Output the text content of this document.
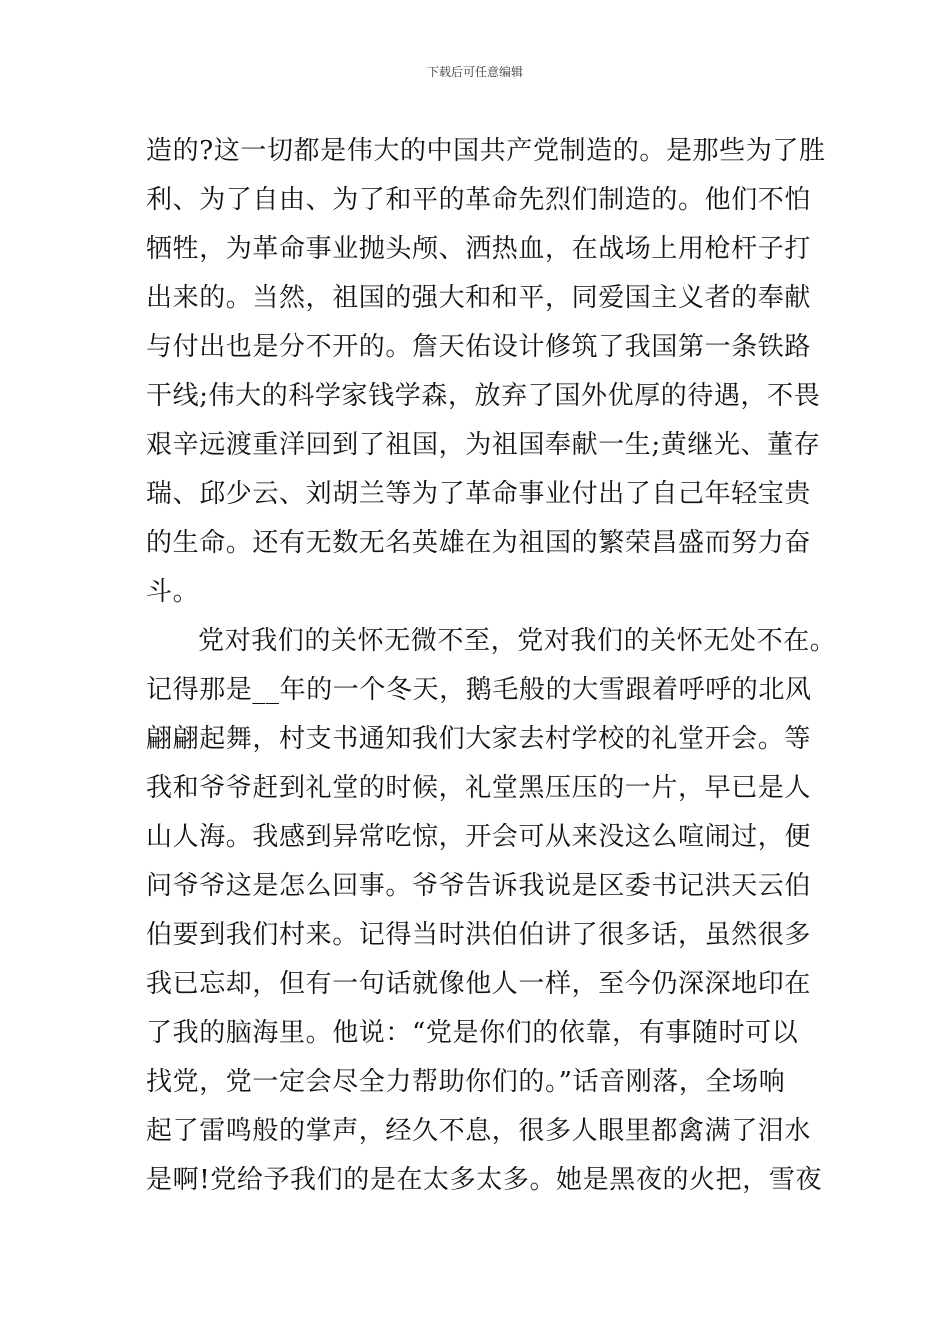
下载后可任意编辑
造的?这一切都是伟大的中国共产党制造的。是那些为了胜
利、为了自由、为了和平的革命先烈们制造的。他们不怕
牺牲，为革命事业抛头颅、洒热血，在战场上用枪杆子打
出来的。当然，祖国的强大和和平，同爱国主义者的奉献
与付出也是分不开的。詹天佑设计修筑了我国第一条铁路
干线;伟大的科学家钱学森，放弃了国外优厚的待遇，不畏
艰辛远渡重洋回到了祖国，为祖国奉献一生;黄继光、董存
瑞、邱少云、刘胡兰等为了革命事业付出了自己年轻宝贵
的生命。还有无数无名英雄在为祖国的繁荣昌盛而努力奋
斗。
党对我们的关怀无微不至，党对我们的关怀无处不在。
记得那是__年的一个冬天，鹅毛般的大雪跟着呼呼的北风
翩翩起舞，村支书通知我们大家去村学校的礼堂开会。等
我和爷爷赶到礼堂的时候，礼堂黑压压的一片，早已是人
山人海。我感到异常吃惊，开会可从来没这么喧闹过，便
问爷爷这是怎么回事。爷爷告诉我说是区委书记洪天云伯
伯要到我们村来。记得当时洪伯伯讲了很多话，虽然很多
我已忘却，但有一句话就像他人一样，至今仍深深地印在
了我的脑海里。他说：“党是你们的依靠，有事随时可以
找党，党一定会尽全力帮助你们的。”话音刚落，全场响
起了雷鸣般的掌声，经久不息，很多人眼里都禽满了泪水
是啊!党给予我们的是在太多太多。她是黑夜的火把，雪夜
